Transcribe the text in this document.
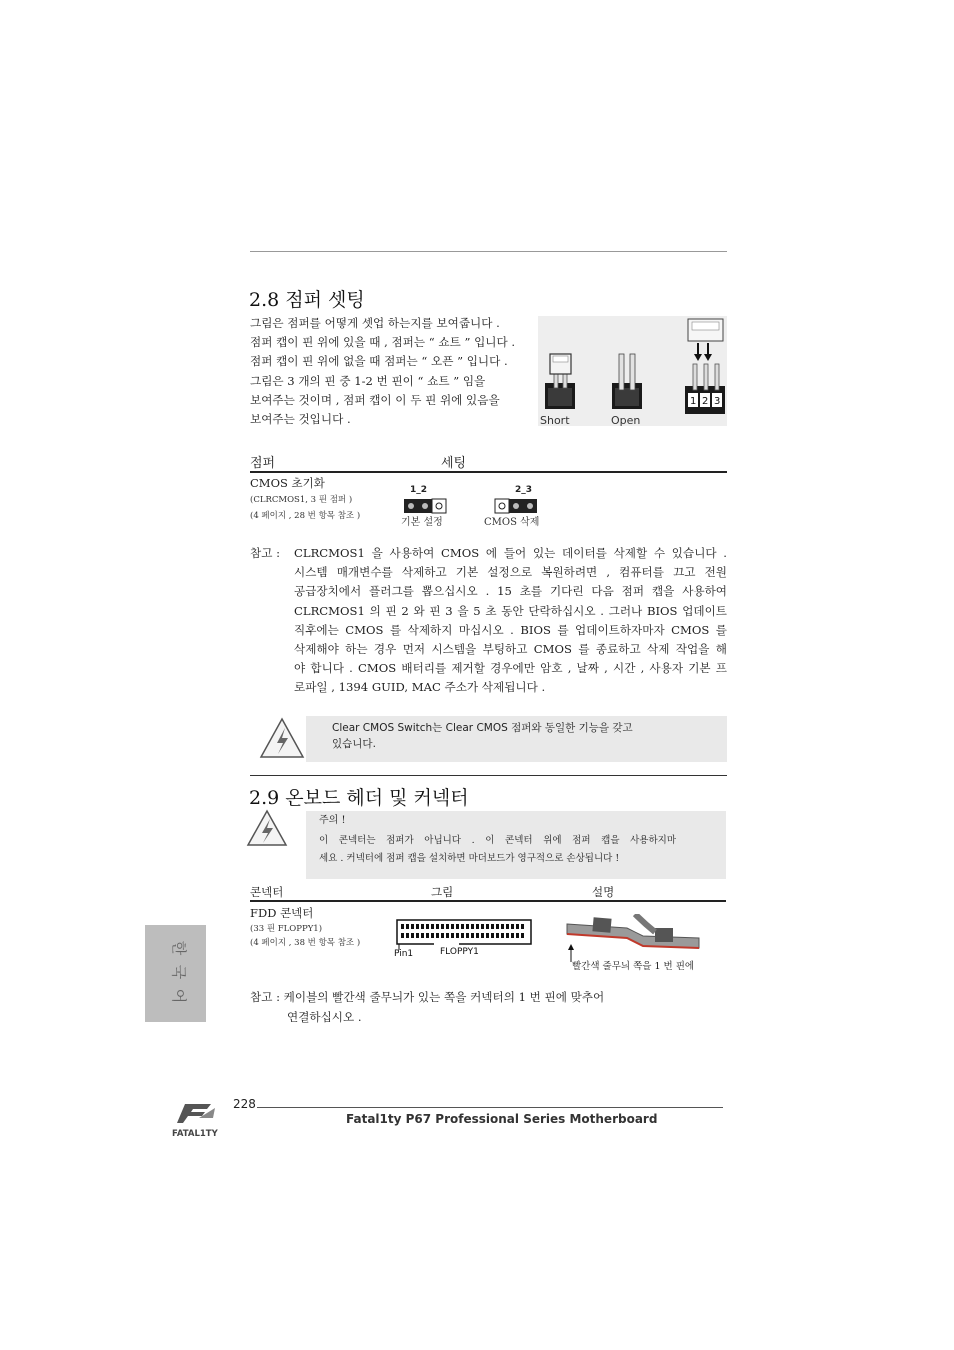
2.8 점퍼 셋팅
그림은 점퍼를 어떻게 셋업 하는지를 보여줍니다 .
점퍼 캡이 핀 위에 있을 때 , 점퍼는 “ 쇼트 ” 입니다 .
점퍼 캡이 핀 위에 없을 때 점퍼는 “ 오픈 ” 입니다 .
그림은 3 개의 핀 중 1-2 번 핀이 “ 쇼트 ” 임을
보여주는 것이며 , 점퍼 캡이 이 두 핀 위에 있음을
보여주는 것입니다 .
1 2 3
Short	Open
점퍼	세팅
CMOS 초기화
(CLRCMOS1, 3 핀 점퍼 )
(4 페이지 , 28 번 항목 참조 )
1_2
기본 설정
2_3
CMOS 삭제
참고 : CLRCMOS1 을 사용하여 CMOS 에 들어 있는 데이터를 삭제할 수 있습니다 .
시스템 매개변수를 삭제하고 기본 설정으로 복원하려면 , 컴퓨터를 끄고 전원
공급장치에서 플러그를 뽑으십시오 . 15 초를 기다린 다음 점퍼 캡을 사용하여
CLRCMOS1 의 핀 2 와 핀 3 을 5 초 동안 단락하십시오 . 그러나 BIOS 업데이트
직후에는 CMOS 를 삭제하지 마십시오 . BIOS 를 업데이트하자마자 CMOS 를
삭제해야 하는 경우 먼저 시스템을 부팅하고 CMOS 를 종료하고 삭제 작업을 해
야 합니다 . CMOS 배터리를 제거할 경우에만 암호 , 날짜 , 시간 , 사용자 기본 프
로파일 , 1394 GUID, MAC 주소가 삭제됩니다 .
Clear CMOS Switch는 Clear CMOS 점퍼와 동일한 기능을 갖고
있습니다.
2.9 온보드 헤더 및 커넥터
주의 !
이 콘넥터는 점퍼가 아닙니다 . 이 콘넥터 위에 점퍼 캡을 사용하지마
세요 . 커넥터에 점퍼 캡을 설치하면 마더보드가 영구적으로 손상됩니다 !
콘넥터	그림	설명
FDD 콘넥터
(33 핀 FLOPPY1)
(4 페이지 , 38 번 항목 참조 )
Pin1	FLOPPY1
빨간색 줄무늬 쪽을 1 번 핀에
참고 : 케이블의 빨간색 줄무늬가 있는 쪽을 커넥터의 1 번 핀에 맞추어
연결하십시오 .
한
국
어
FATAL1TY
228
Fatal1ty P67 Professional Series Motherboard
